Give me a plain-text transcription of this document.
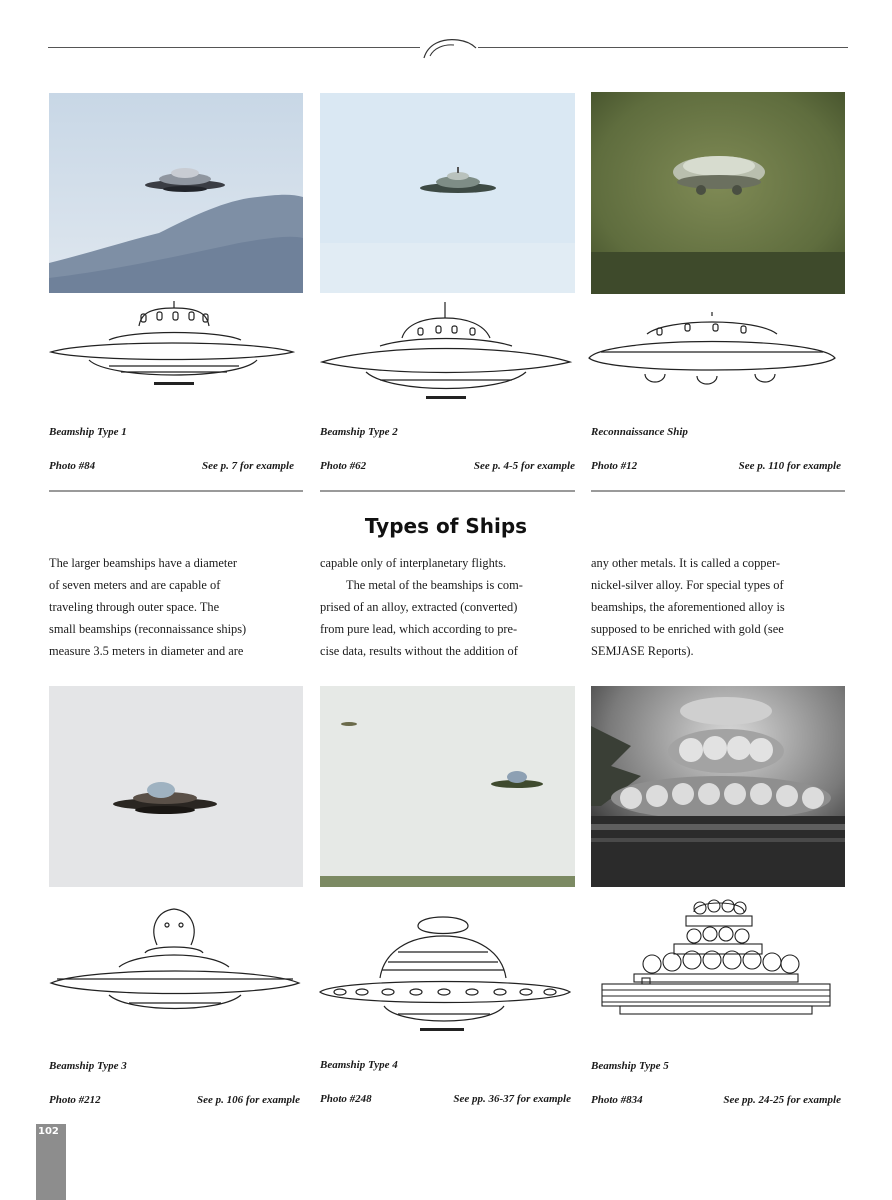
Beamship Type 1
Photo #84	See p. 7 for example
Beamship Type 2
Photo #62	See p. 4-5 for example
Reconnaissance Ship
Photo #12	See p. 110 for example
Types of Ships
The larger beamships have a diameter
of seven meters and are capable of
traveling through outer space. The
small beamships (reconnaissance ships)
measure 3.5 meters in diameter and are
capable only of interplanetary flights.
The metal of the beamships is com-
prised of an alloy, extracted (converted)
from pure lead, which according to pre-
cise data, results without the addition of
any other metals. It is called a copper-
nickel-silver alloy. For special types of
beamships, the aforementioned alloy is
supposed to be enriched with gold (see
SEMJASE Reports).
Beamship Type 3
Photo #212	See p. 106 for example
Beamship Type 4
Photo #248	See pp. 36-37 for example
Beamship Type 5
Photo #834	See pp. 24-25 for example
102
